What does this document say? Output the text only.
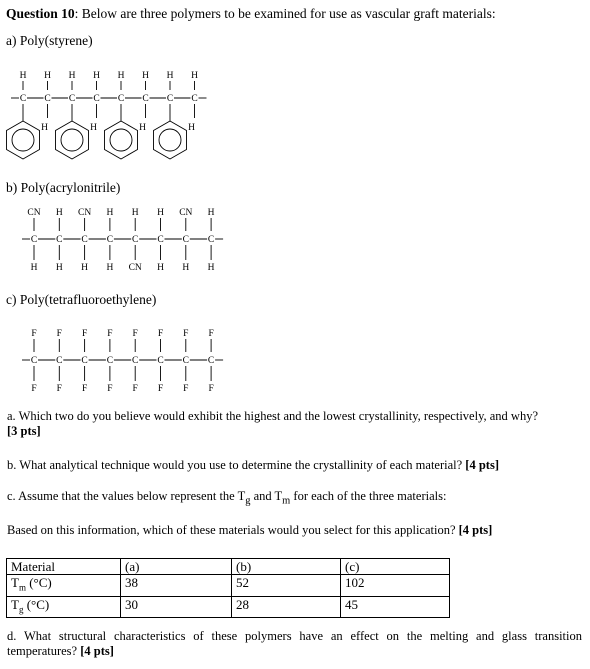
Question 10: Below are three polymers to be examined for use as vascular graft materials:
a) Poly(styrene)
C
H
C
H
C
H
C
H
C
H
C
H
C
H
C
H
H	H	H	H
b) Poly(acrylonitrile)
C
CN
C
H
C
CN
C
H
C
H
C
H
C
CN
C
H
H H H H CN H H H
c) Poly(tetrafluoroethylene)
C
F
C
F
C
F
C
F
C
F
C
F
C
F
C
F
F F F F F F F F
a. Which two do you believe would exhibit the highest and the lowest crystallinity, respectively, and why?
[3 pts]
b. What analytical technique would you use to determine the crystallinity of each material? [4 pts]
c. Assume that the values below represent the $T_g$ and $T_m$ for each of the three materials:
Based on this information, which of these materials would you select for this application? [4 pts]
Material	(a)	(b)	(c)
$T_m$ (°C)	38	52	102
$T_g$ (°C)	30	28	45
d. What structural characteristics of these polymers have an effect on the melting and glass transition temperatures? [4 pts]
